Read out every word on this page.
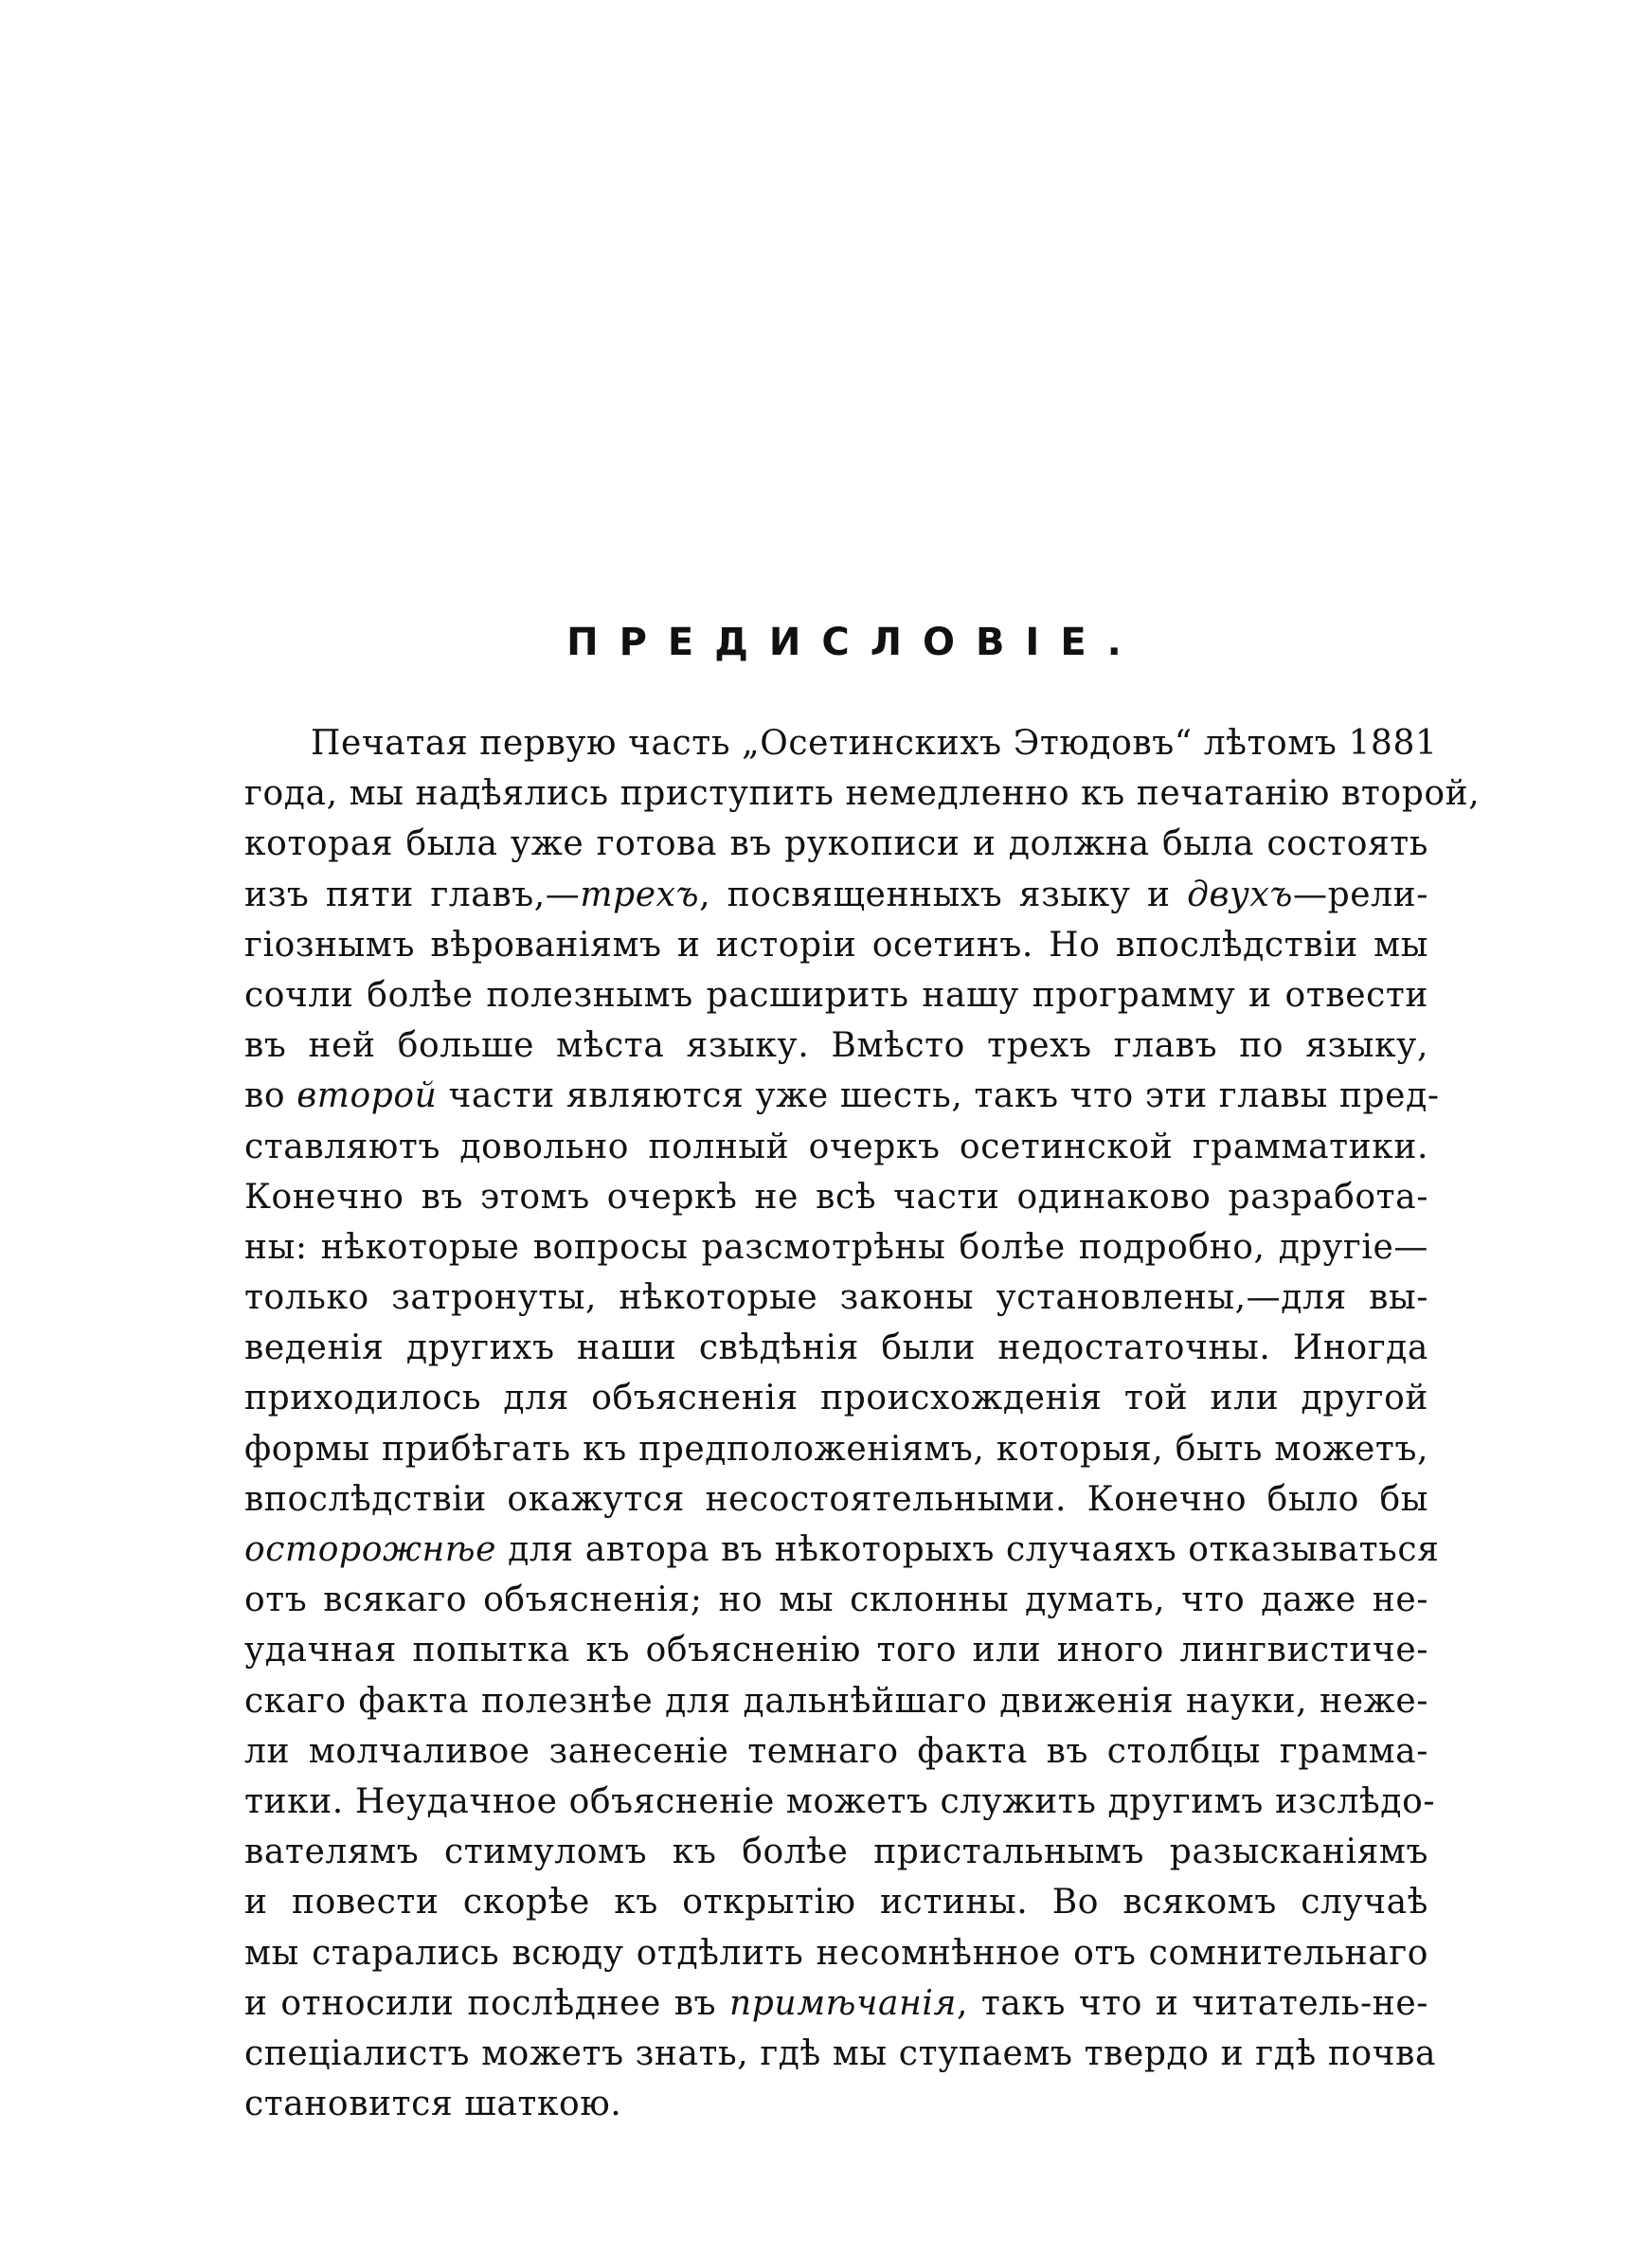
ПРЕДИСЛОВІЕ.
Печатая первую часть „Осетинскихъ Этюдовъ“ лѣтомъ 1881
года, мы надѣялись приступить немедленно къ печатанію второй,
которая была уже готова въ рукописи и должна была состоять
изъ пяти главъ,—трехъ, посвященныхъ языку и двухъ—рели-
гіознымъ вѣрованіямъ и исторіи осетинъ. Но впослѣдствіи мы
сочли болѣе полезнымъ расширить нашу программу и отвести
въ ней больше мѣста языку. Вмѣсто трехъ главъ по языку,
во второй части являются уже шесть, такъ что эти главы пред-
ставляютъ довольно полный очеркъ осетинской грамматики.
Конечно въ этомъ очеркѣ не всѣ части одинаково разработа-
ны: нѣкоторые вопросы разсмотрѣны болѣе подробно, другіе—
только затронуты, нѣкоторые законы установлены,—для вы-
веденія другихъ наши свѣдѣнія были недостаточны. Иногда
приходилось для объясненія происхожденія той или другой
формы прибѣгать къ предположеніямъ, которыя, быть можетъ,
впослѣдствіи окажутся несостоятельными. Конечно было бы
осторожнѣе для автора въ нѣкоторыхъ случаяхъ отказываться
отъ всякаго объясненія; но мы склонны думать, что даже не-
удачная попытка къ объясненію того или иного лингвистиче-
скаго факта полезнѣе для дальнѣйшаго движенія науки, неже-
ли молчаливое занесеніе темнаго факта въ столбцы грамма-
тики. Неудачное объясненіе можетъ служить другимъ изслѣдо-
вателямъ стимуломъ къ болѣе пристальнымъ разысканіямъ
и повести скорѣе къ открытію истины. Во всякомъ случаѣ
мы старались всюду отдѣлить несомнѣнное отъ сомнительнаго
и относили послѣднее въ примѣчанія, такъ что и читатель-не-
спеціалистъ можетъ знать, гдѣ мы ступаемъ твердо и гдѣ почва
становится шаткою.
